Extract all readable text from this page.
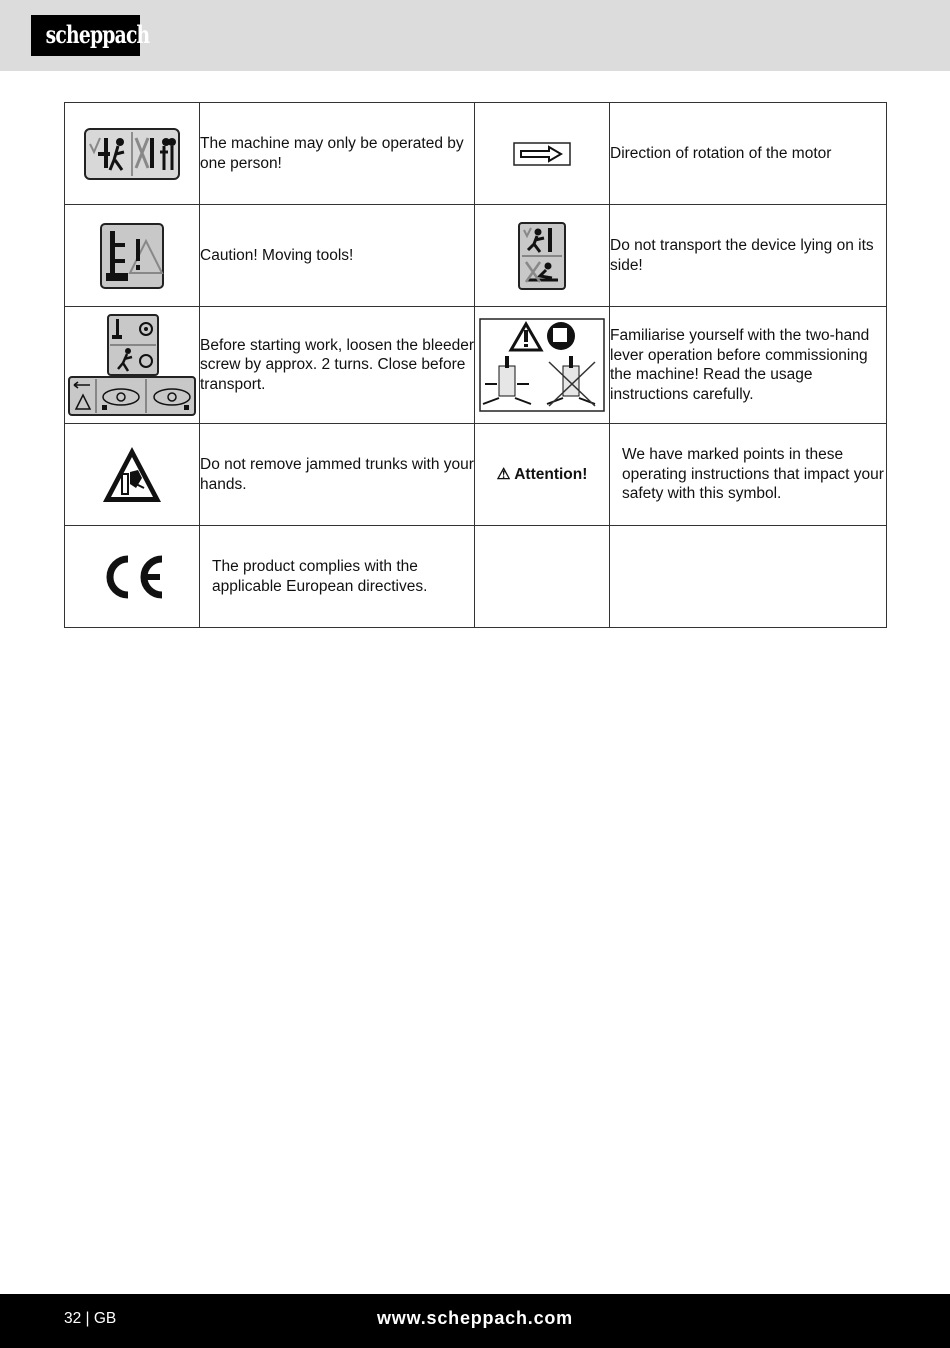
scheppach
	The machine may only be operated by one person!		Direction of rotation of the motor
	Caution! Moving tools!		Do not transport the device lying on its side!
	Before starting work, loosen the bleeder screw by approx. 2 turns. Close before transport.		Familiarise yourself with the two-hand lever operation before commissioning the machine! Read the usage instructions carefully.
	Do not remove jammed trunks with your hands.	⚠ Attention!	We have marked points in these operating instructions that impact your safety with this symbol.
	The product complies with the applicable European directives.		
32 | GB	www.scheppach.com
